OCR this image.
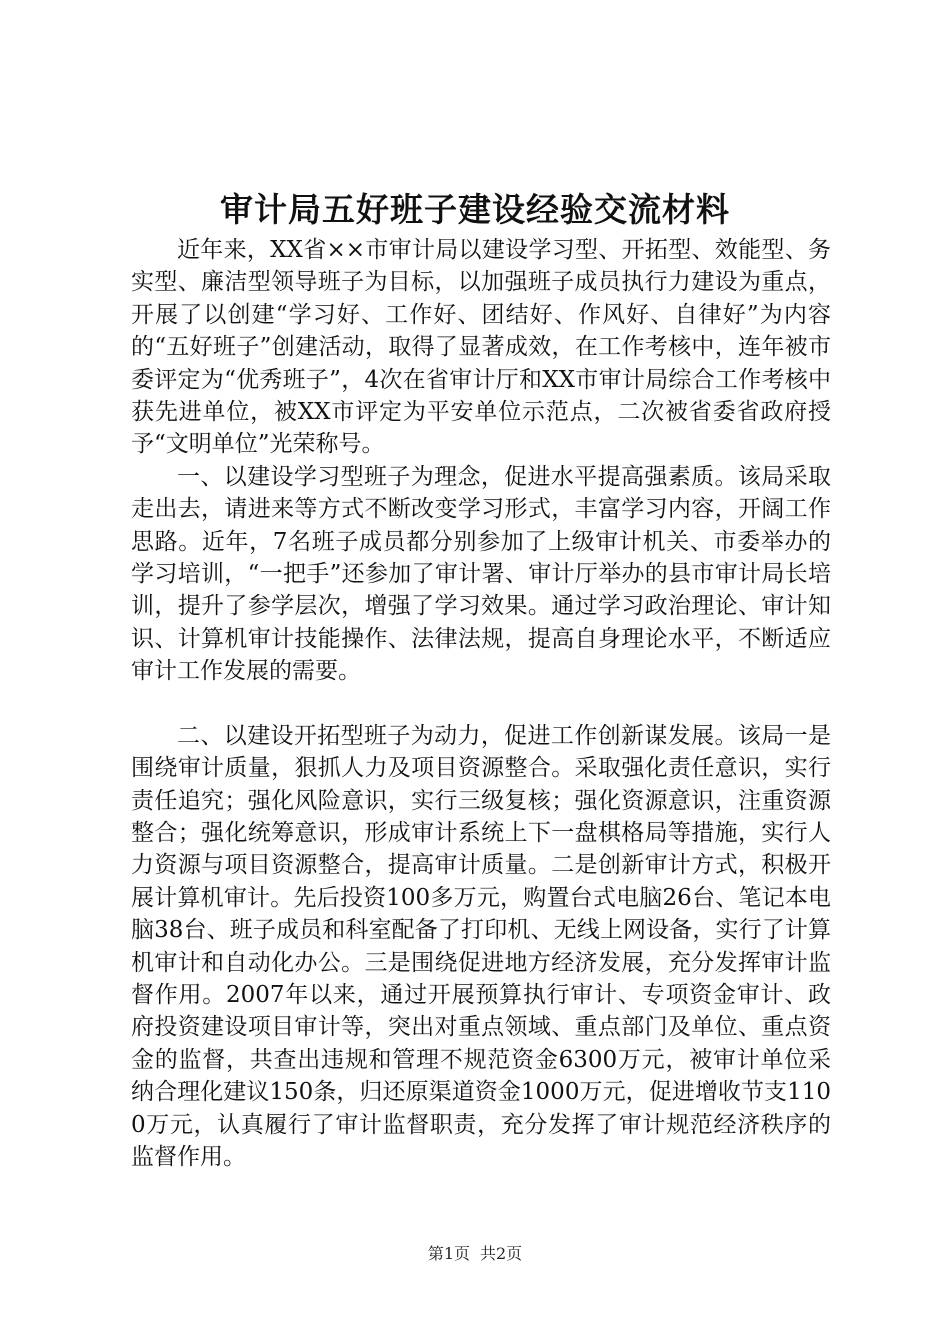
审计局五好班子建设经验交流材料

近年来，XX省××市审计局以建设学习型、开拓型、效能型、务实型、廉洁型领导班子为目标，以加强班子成员执行力建设为重点，开展了以创建“学习好、工作好、团结好、作风好、自律好”为内容的“五好班子”创建活动，取得了显著成效，在工作考核中，连年被市委评定为“优秀班子”，4次在省审计厅和XX市审计局综合工作考核中获先进单位，被XX市评定为平安单位示范点，二次被省委省政府授予“文明单位”光荣称号。

一、以建设学习型班子为理念，促进水平提高强素质。该局采取走出去，请进来等方式不断改变学习形式，丰富学习内容，开阔工作思路。近年，7名班子成员都分别参加了上级审计机关、市委举办的学习培训，“一把手”还参加了审计署、审计厅举办的县市审计局长培训，提升了参学层次，增强了学习效果。通过学习政治理论、审计知识、计算机审计技能操作、法律法规，提高自身理论水平，不断适应审计工作发展的需要。

二、以建设开拓型班子为动力，促进工作创新谋发展。该局一是围绕审计质量，狠抓人力及项目资源整合。采取强化责任意识，实行责任追究；强化风险意识，实行三级复核；强化资源意识，注重资源整合；强化统筹意识，形成审计系统上下一盘棋格局等措施，实行人力资源与项目资源整合，提高审计质量。二是创新审计方式，积极开展计算机审计。先后投资100多万元，购置台式电脑26台、笔记本电脑38台、班子成员和科室配备了打印机、无线上网设备，实行了计算机审计和自动化办公。三是围绕促进地方经济发展，充分发挥审计监督作用。2007年以来，通过开展预算执行审计、专项资金审计、政府投资建设项目审计等，突出对重点领域、重点部门及单位、重点资金的监督，共查出违规和管理不规范资金6300万元，被审计单位采纳合理化建议150条，归还原渠道资金1000万元，促进增收节支1100万元，认真履行了审计监督职责，充分发挥了审计规范经济秩序的监督作用。

第1页 共2页
